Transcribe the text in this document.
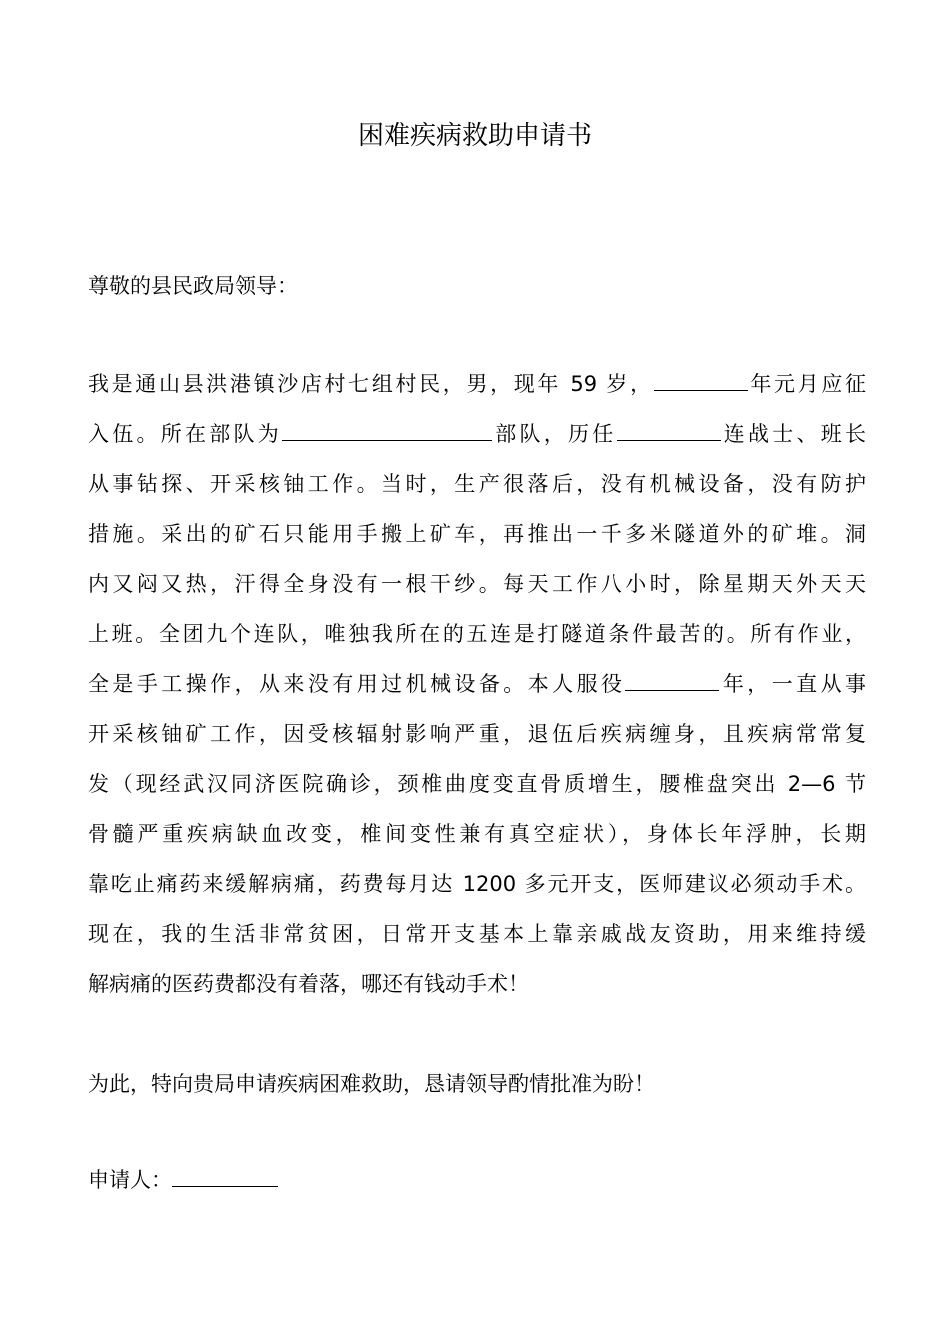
困难疾病救助申请书
尊敬的县民政局领导：
我是通山县洪港镇沙店村七组村民，男，现年 59 岁，	年元月应征
入伍。所在部队为	部队，历任	连战士、班长
从事钻探、开采核铀工作。当时，生产很落后，没有机械设备，没有防护
措施。采出的矿石只能用手搬上矿车，再推出一千多米隧道外的矿堆。洞
内又闷又热，汗得全身没有一根干纱。每天工作八小时，除星期天外天天
上班。全团九个连队，唯独我所在的五连是打隧道条件最苦的。所有作业，
全是手工操作，从来没有用过机械设备。本人服役	年，一直从事
开采核铀矿工作，因受核辐射影响严重，退伍后疾病缠身，且疾病常常复
发（现经武汉同济医院确诊，颈椎曲度变直骨质增生，腰椎盘突出 2—6 节
骨髓严重疾病缺血改变，椎间变性兼有真空症状），身体长年浮肿，长期
靠吃止痛药来缓解病痛，药费每月达 1200 多元开支，医师建议必须动手术。
现在，我的生活非常贫困，日常开支基本上靠亲戚战友资助，用来维持缓
解病痛的医药费都没有着落，哪还有钱动手术！
为此，特向贵局申请疾病困难救助，恳请领导酌情批准为盼！
申请人：
